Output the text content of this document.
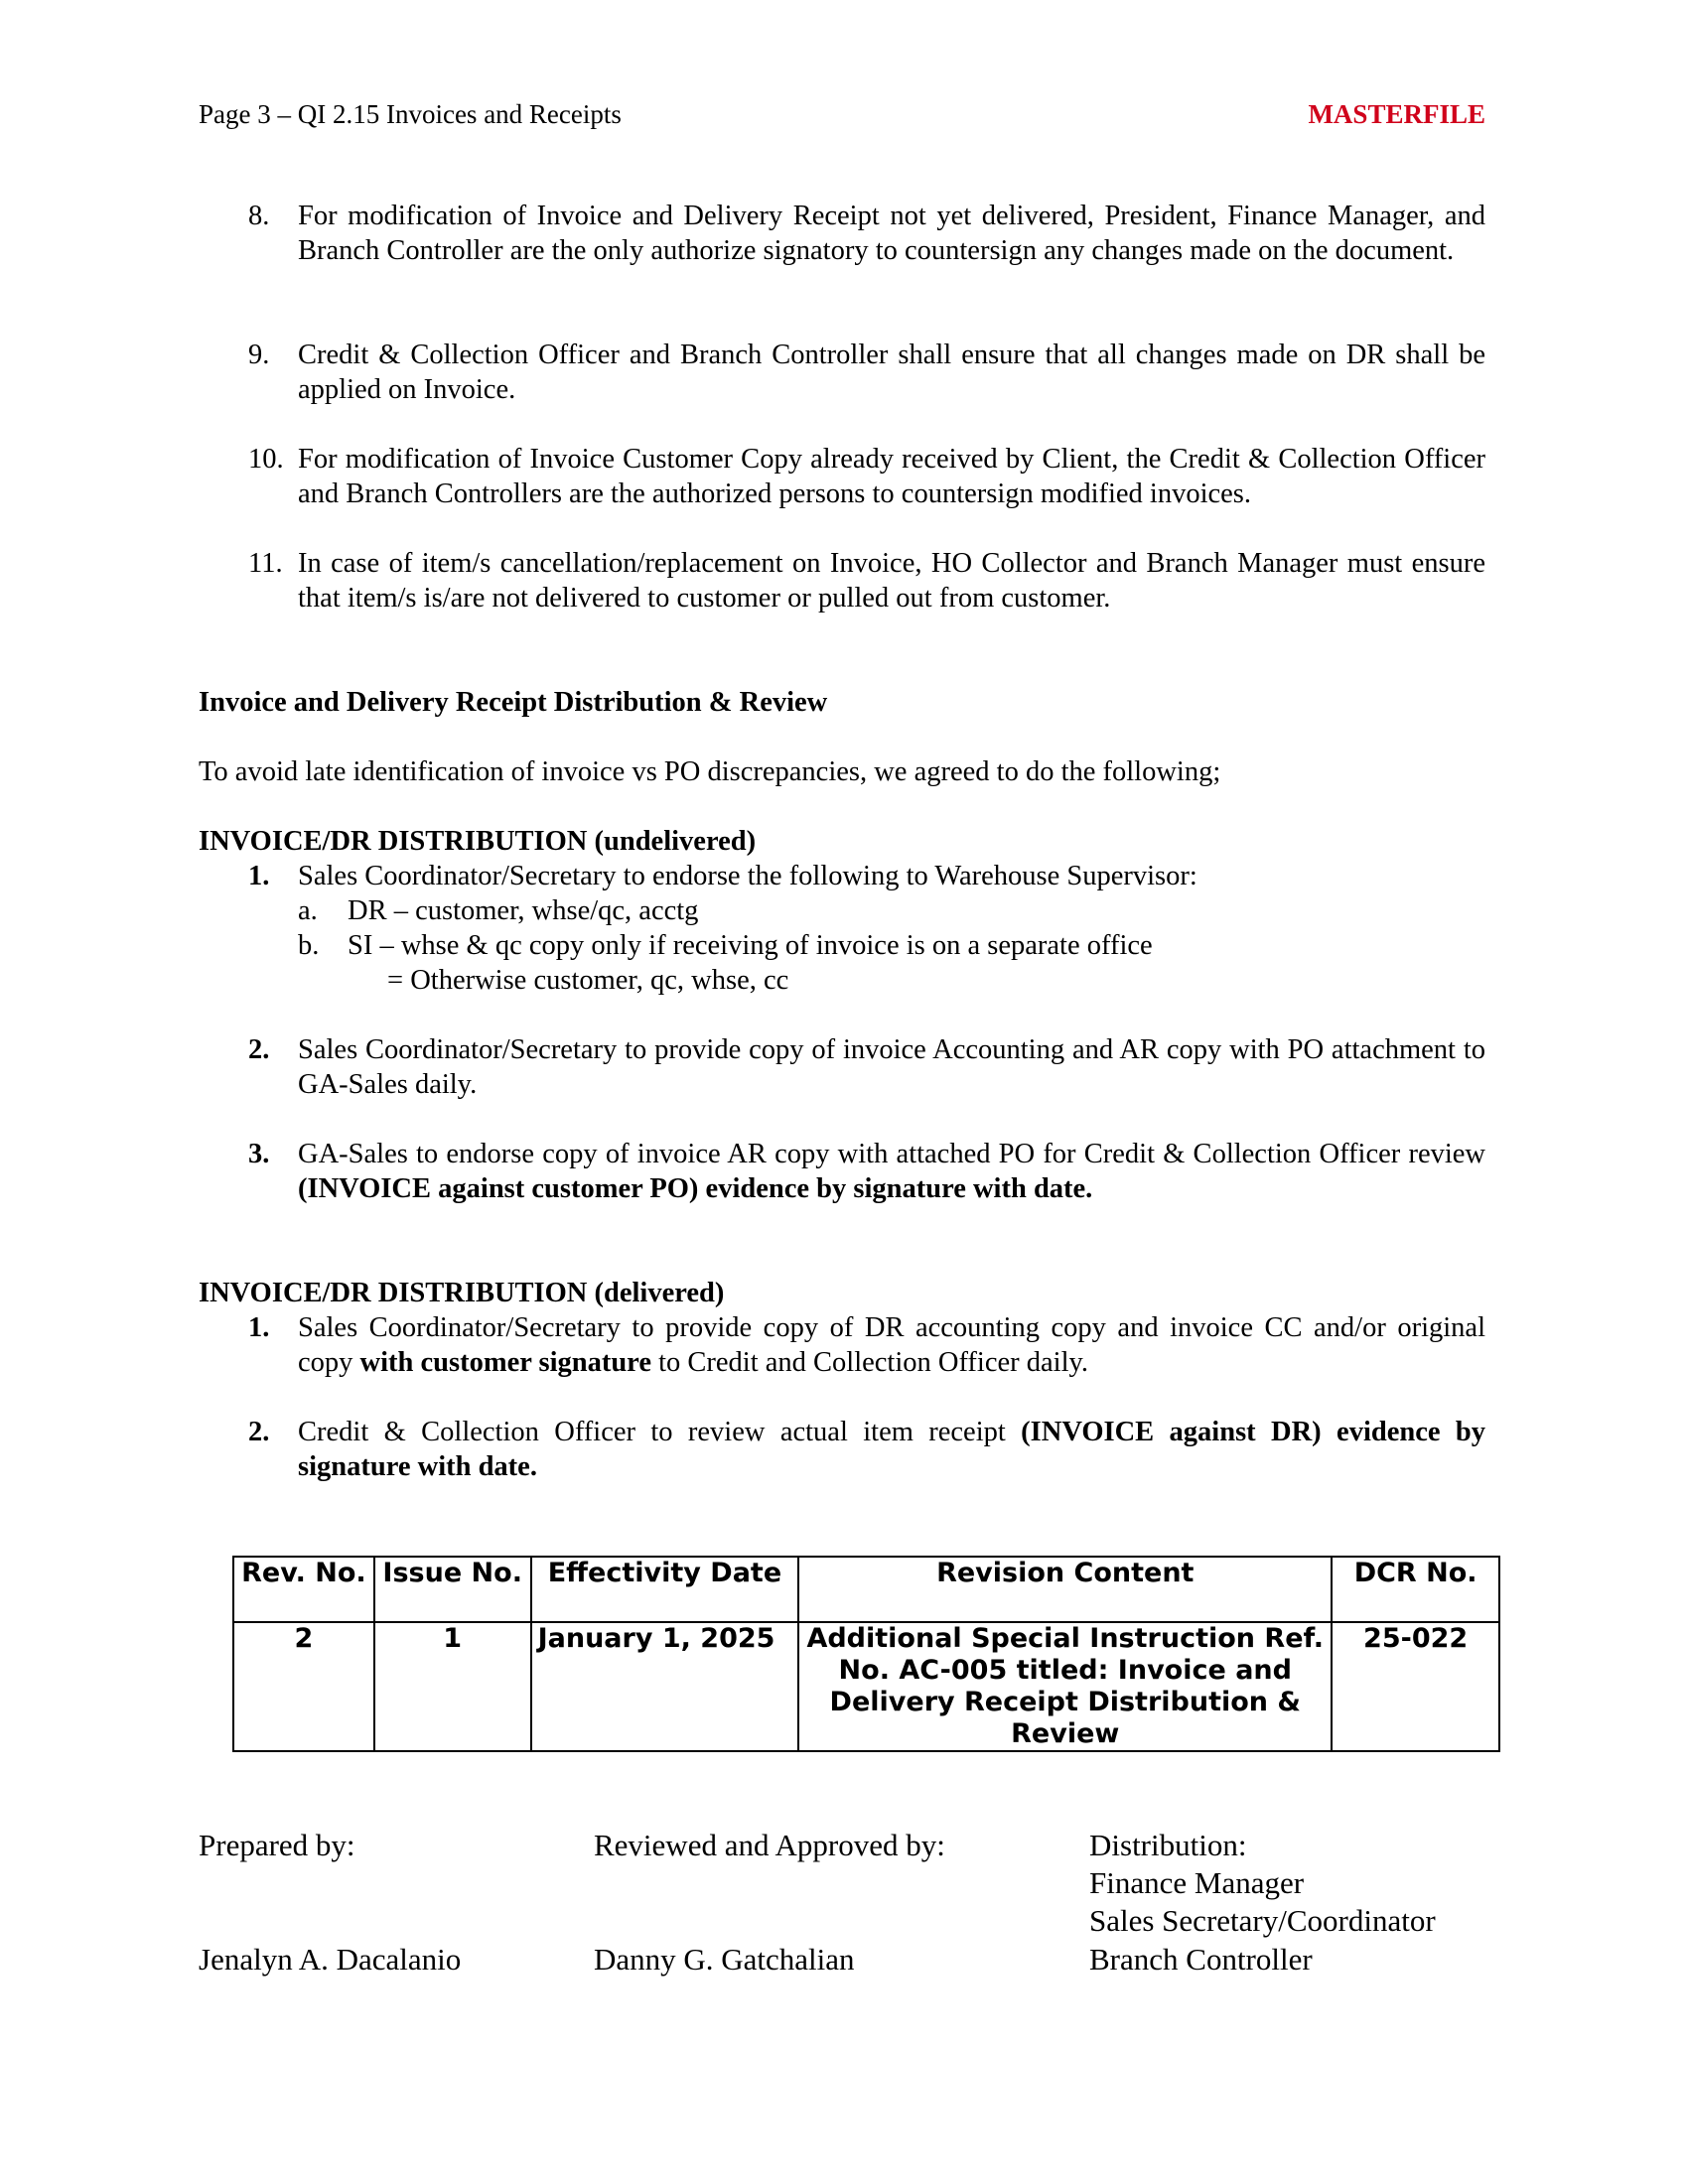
Page 3 – QI 2.15 Invoices and Receipts	MASTERFILE
8. For modification of Invoice and Delivery Receipt not yet delivered, President, Finance Manager, and Branch Controller are the only authorize signatory to countersign any changes made on the document.
9. Credit & Collection Officer and Branch Controller shall ensure that all changes made on DR shall be applied on Invoice.
10. For modification of Invoice Customer Copy already received by Client, the Credit & Collection Officer and Branch Controllers are the authorized persons to countersign modified invoices.
11. In case of item/s cancellation/replacement on Invoice, HO Collector and Branch Manager must ensure that item/s is/are not delivered to customer or pulled out from customer.
Invoice and Delivery Receipt Distribution & Review
To avoid late identification of invoice vs PO discrepancies, we agreed to do the following;
INVOICE/DR DISTRIBUTION (undelivered)
1. Sales Coordinator/Secretary to endorse the following to Warehouse Supervisor:
a. DR – customer, whse/qc, acctg
b. SI – whse & qc copy only if receiving of invoice is on a separate office
= Otherwise customer, qc, whse, cc
2. Sales Coordinator/Secretary to provide copy of invoice Accounting and AR copy with PO attachment to GA-Sales daily.
3. GA-Sales to endorse copy of invoice AR copy with attached PO for Credit & Collection Officer review (INVOICE against customer PO) evidence by signature with date.
INVOICE/DR DISTRIBUTION (delivered)
1. Sales Coordinator/Secretary to provide copy of DR accounting copy and invoice CC and/or original copy with customer signature to Credit and Collection Officer daily.
2. Credit & Collection Officer to review actual item receipt (INVOICE against DR) evidence by signature with date.
Rev. No.	Issue No.	Effectivity Date	Revision Content	DCR No.
2	1	January 1, 2025	Additional Special Instruction Ref. No. AC-005 titled: Invoice and Delivery Receipt Distribution & Review	25-022
Prepared by:
Jenalyn A. Dacalanio
Reviewed and Approved by:
Danny G. Gatchalian
Distribution:
Finance Manager
Sales Secretary/Coordinator
Branch Controller
